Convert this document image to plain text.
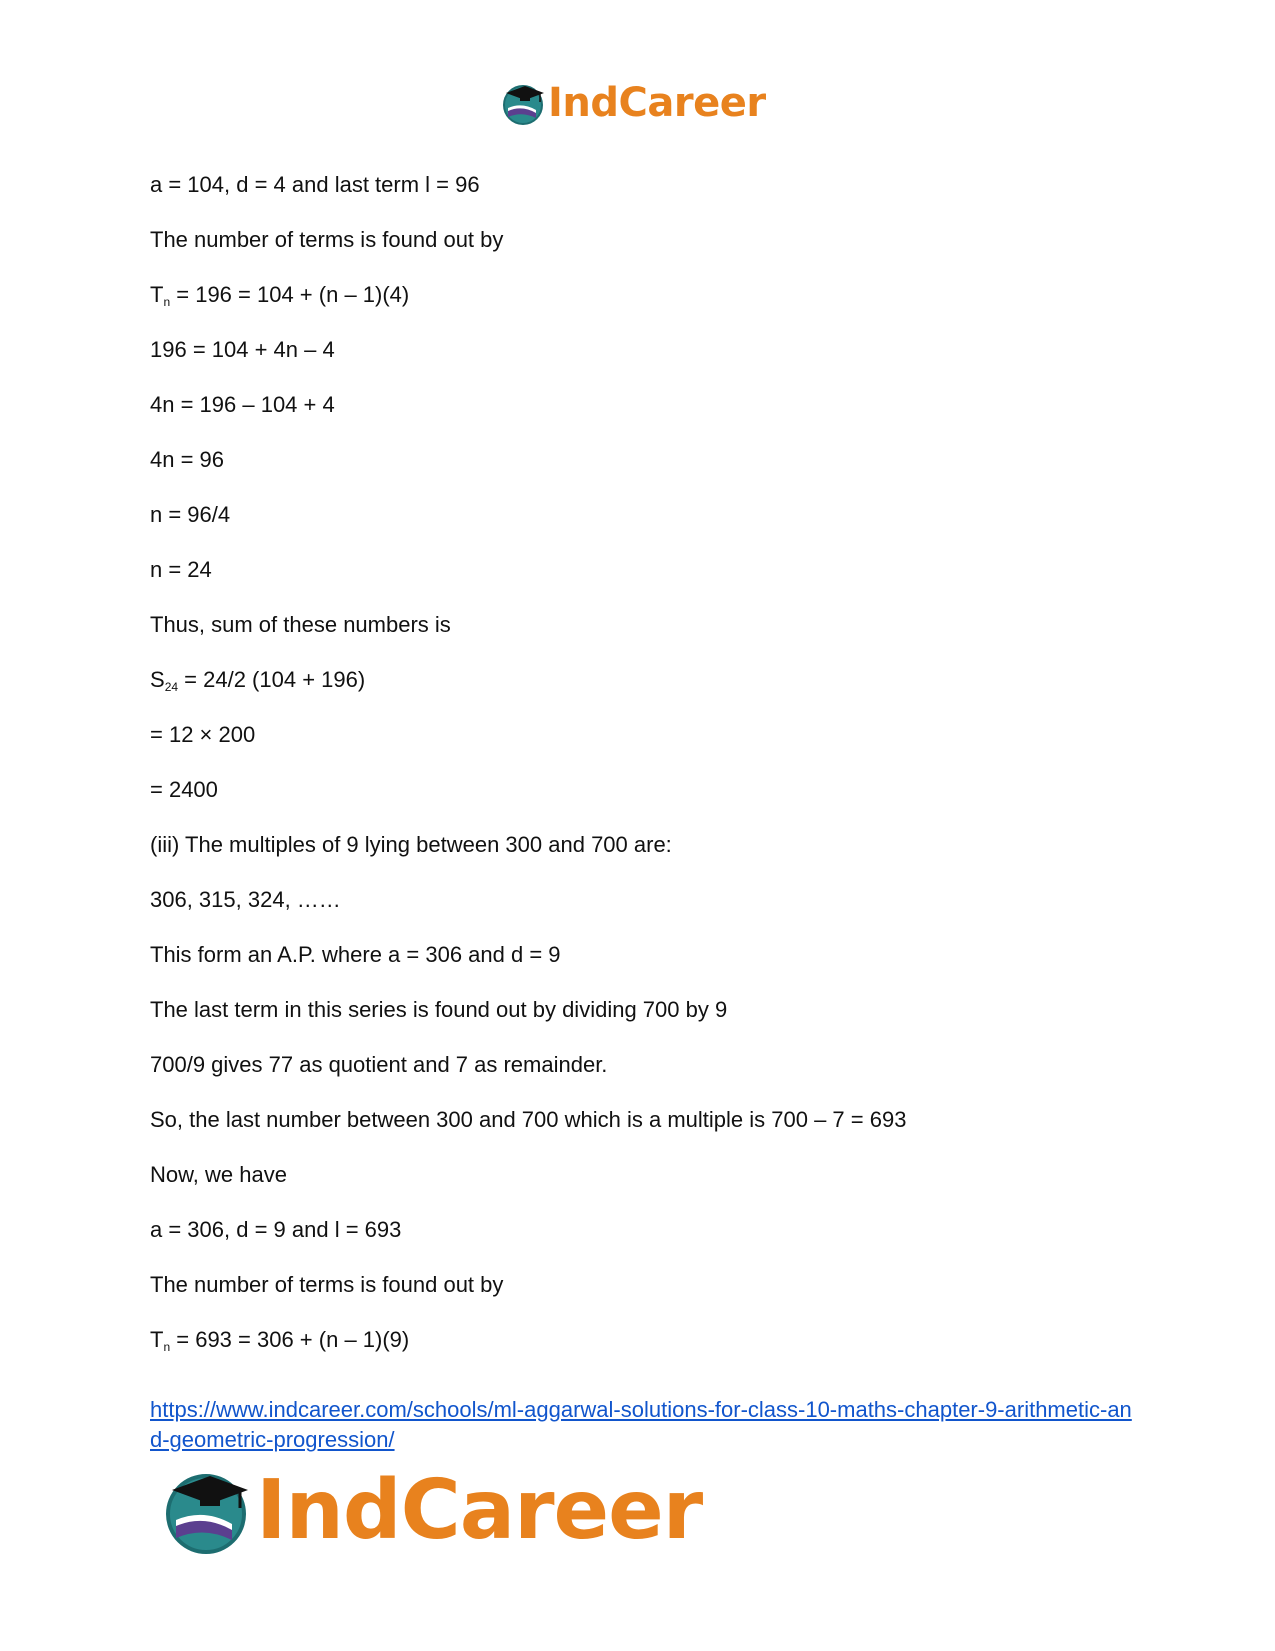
IndCareer
a = 104, d = 4 and last term l = 96
The number of terms is found out by
$T_n = 196 = 104 + (n - 1)(4)$
196 = 104 + 4n – 4
4n = 196 – 104 + 4
4n = 96
n = 96/4
n = 24
Thus, sum of these numbers is
$S_{24} = 24/2$ (104 + 196)
= 12 × 200
= 2400
(iii) The multiples of 9 lying between 300 and 700 are:
306, 315, 324, ……
This form an A.P. where a = 306 and d = 9
The last term in this series is found out by dividing 700 by 9
700/9 gives 77 as quotient and 7 as remainder.
So, the last number between 300 and 700 which is a multiple is 700 – 7 = 693
Now, we have
a = 306, d = 9 and l = 693
The number of terms is found out by
$T_n = 693 = 306 + (n - 1)(9)$
https://www.indcareer.com/schools/ml-aggarwal-solutions-for-class-10-maths-chapter-9-arithmetic-and-geometric-progression/
IndCareer
